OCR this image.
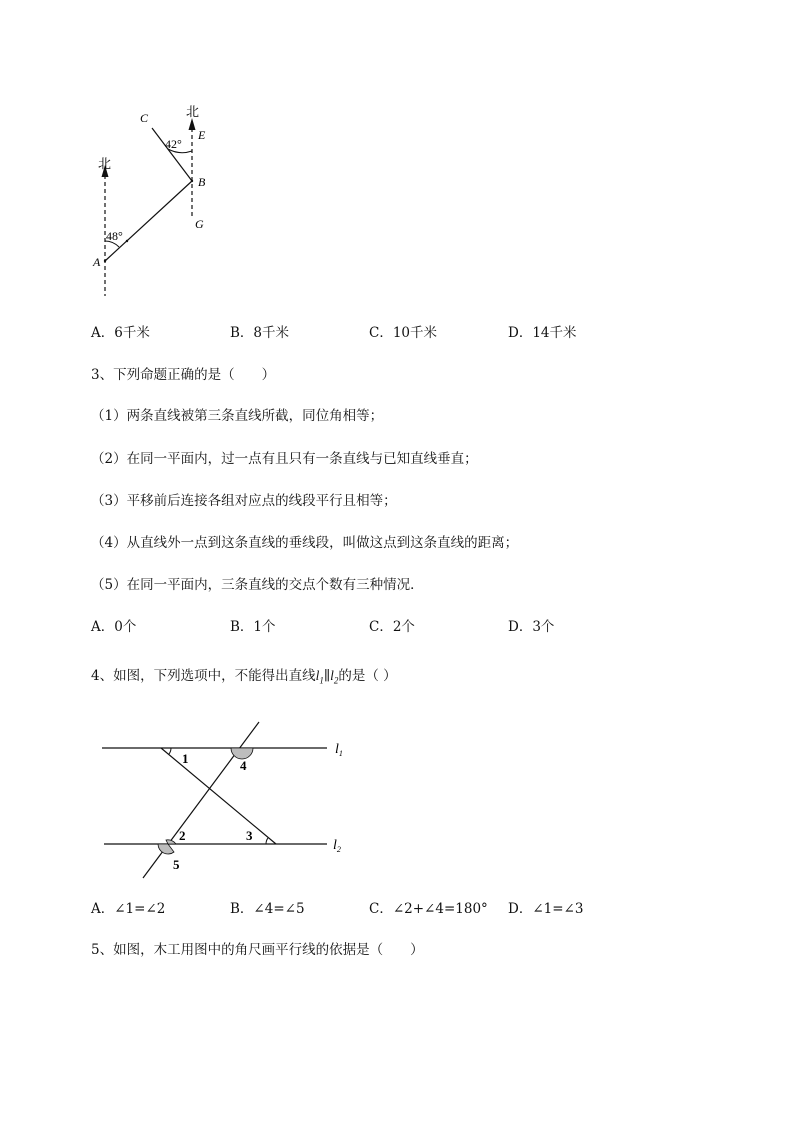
北
北
42°
48°
C
E
B
G
A
A．6千米	B．8千米	C．10千米	D．14千米
3、下列命题正确的是（　　）
（1）两条直线被第三条直线所截，同位角相等；
（2）在同一平面内，过一点有且只有一条直线与已知直线垂直；
（3）平移前后连接各组对应点的线段平行且相等；
（4）从直线外一点到这条直线的垂线段，叫做这点到这条直线的距离；
（5）在同一平面内，三条直线的交点个数有三种情况．
A．0个	B．1个	C．2个	D．3个
4、如图，下列选项中，不能得出直线$l_1\parallel l_2$的是（ ）
1	4
2	3
5
$l_1$
$l_2$
A．∠1=∠2	B．∠4=∠5	C．∠2+∠4=180° D．∠1=∠3
5、如图，木工用图中的角尺画平行线的依据是（　　）
